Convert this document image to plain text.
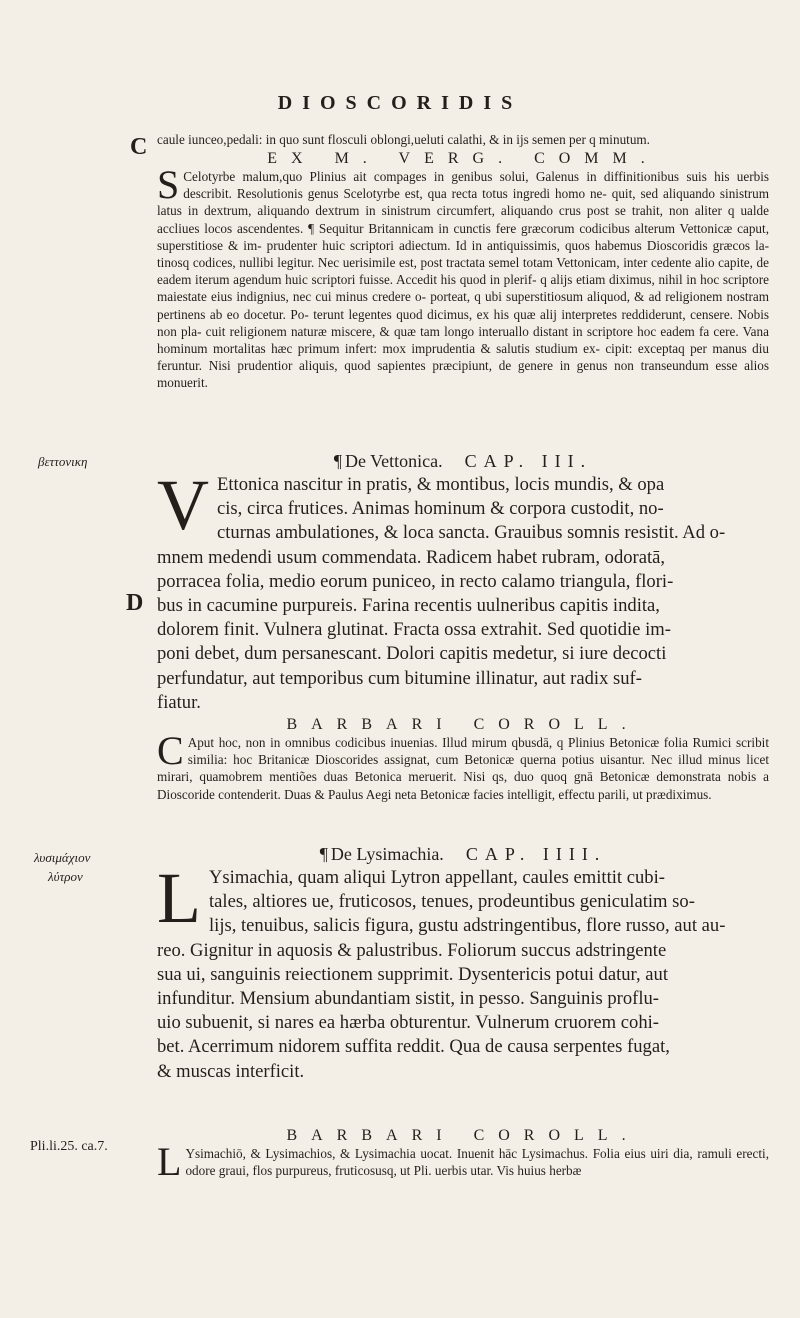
DIOSCORIDIS
C
βεττονικη
D
λυσιμάχιον
λύτρον
Pli.li.25. ca.7.
caule iunceo,pedali: in quo sunt flosculi oblongi,ueluti calathi, & in ijs semen per q minutum.
EX M. VERG. COMM.
S Celotyrbe malum,quo Plinius ait compages in genibus solui, Galenus in diffinitionibus suis his uerbis describit. Resolutionis genus Scelotyrbe est, qua recta totus ingredi homo ne- quit, sed aliquando sinistrum latus in dextrum, aliquando dextrum in sinistrum circumfert, aliquando crus post se trahit, non aliter q ualde accliues locos ascendentes. ¶ Sequitur Britannicam in cunctis fere græcorum codicibus alterum Vettonicæ caput, superstitiose & im- prudenter huic scriptori adiectum. Id in antiquissimis, quos habemus Dioscoridis græcos la- tinosq codices, nullibi legitur. Nec uerisimile est, post tractata semel totam Vettonicam, inter cedente alio capite, de eadem iterum agendum huic scriptori fuisse. Accedit his quod in plerif- q alijs etiam diximus, nihil in hoc scriptore maiestate eius indignius, nec cui minus credere o- porteat, q ubi superstitiosum aliquod, & ad religionem nostram pertinens ab eo docetur. Po- terunt legentes quod dicimus, ex his quæ alij interpretes reddiderunt, censere. Nobis non pla- cuit religionem naturæ miscere, & quæ tam longo interuallo distant in scriptore hoc eadem fa cere. Vana hominum mortalitas hæc primum infert: mox imprudentia & salutis studium ex- cipit: exceptaq per manus diu feruntur. Nisi prudentior aliquis, quod sapientes præcipiunt, de genere in genus non transeundum esse alios monuerit.
¶ De Vettonica. CAP. III.
V Ettonica nascitur in pratis, & montibus, locis mundis, & opa
cis, circa frutices. Animas hominum & corpora custodit, no-
cturnas ambulationes, & loca sancta. Grauibus somnis resistit. Ad o-
mnem medendi usum commendata. Radicem habet rubram, odoratā,
porracea folia, medio eorum puniceo, in recto calamo triangula, flori-
bus in cacumine purpureis. Farina recentis uulneribus capitis indita,
dolorem finit. Vulnera glutinat. Fracta ossa extrahit. Sed quotidie im-
poni debet, dum persanescant. Dolori capitis medetur, si iure decocti
perfundatur, aut temporibus cum bitumine illinatur, aut radix suf-
fiatur.
BARBARI COROLL.
C Aput hoc, non in omnibus codicibus inuenias. Illud mirum qbusdā, q Plinius Betonicæ folia Rumici scribit similia: hoc Britanicæ Dioscorides assignat, cum Betonicæ querna potius uisantur. Nec illud minus licet mirari, quamobrem mentiões duas Betonica meruerit. Nisi qs, duo quoq gnā Betonicæ demonstrata nobis a Dioscoride contenderit. Duas & Paulus Aegi neta Betonicæ facies intelligit, effectu parili, ut prædiximus.
¶ De Lysimachia. CAP. IIII.
L Ysimachia, quam aliqui Lytron appellant, caules emittit cubi-
tales, altiores ue, fruticosos, tenues, prodeuntibus geniculatim so-
lijs, tenuibus, salicis figura, gustu adstringentibus, flore russo, aut au-
reo. Gignitur in aquosis & palustribus. Foliorum succus adstringente
sua ui, sanguinis reiectionem supprimit. Dysentericis potui datur, aut
infunditur. Mensium abundantiam sistit, in pesso. Sanguinis proflu-
uio subuenit, si nares ea hærba obturentur. Vulnerum cruorem cohi-
bet. Acerrimum nidorem suffita reddit. Qua de causa serpentes fugat,
& muscas interficit.
BARBARI COROLL.
L Ysimachiō, & Lysimachios, & Lysimachia uocat. Inuenit hāc Lysimachus. Folia eius uiri dia, ramuli erecti, odore graui, flos purpureus, fruticosusq, ut Pli. uerbis utar. Vis huius herbæ
